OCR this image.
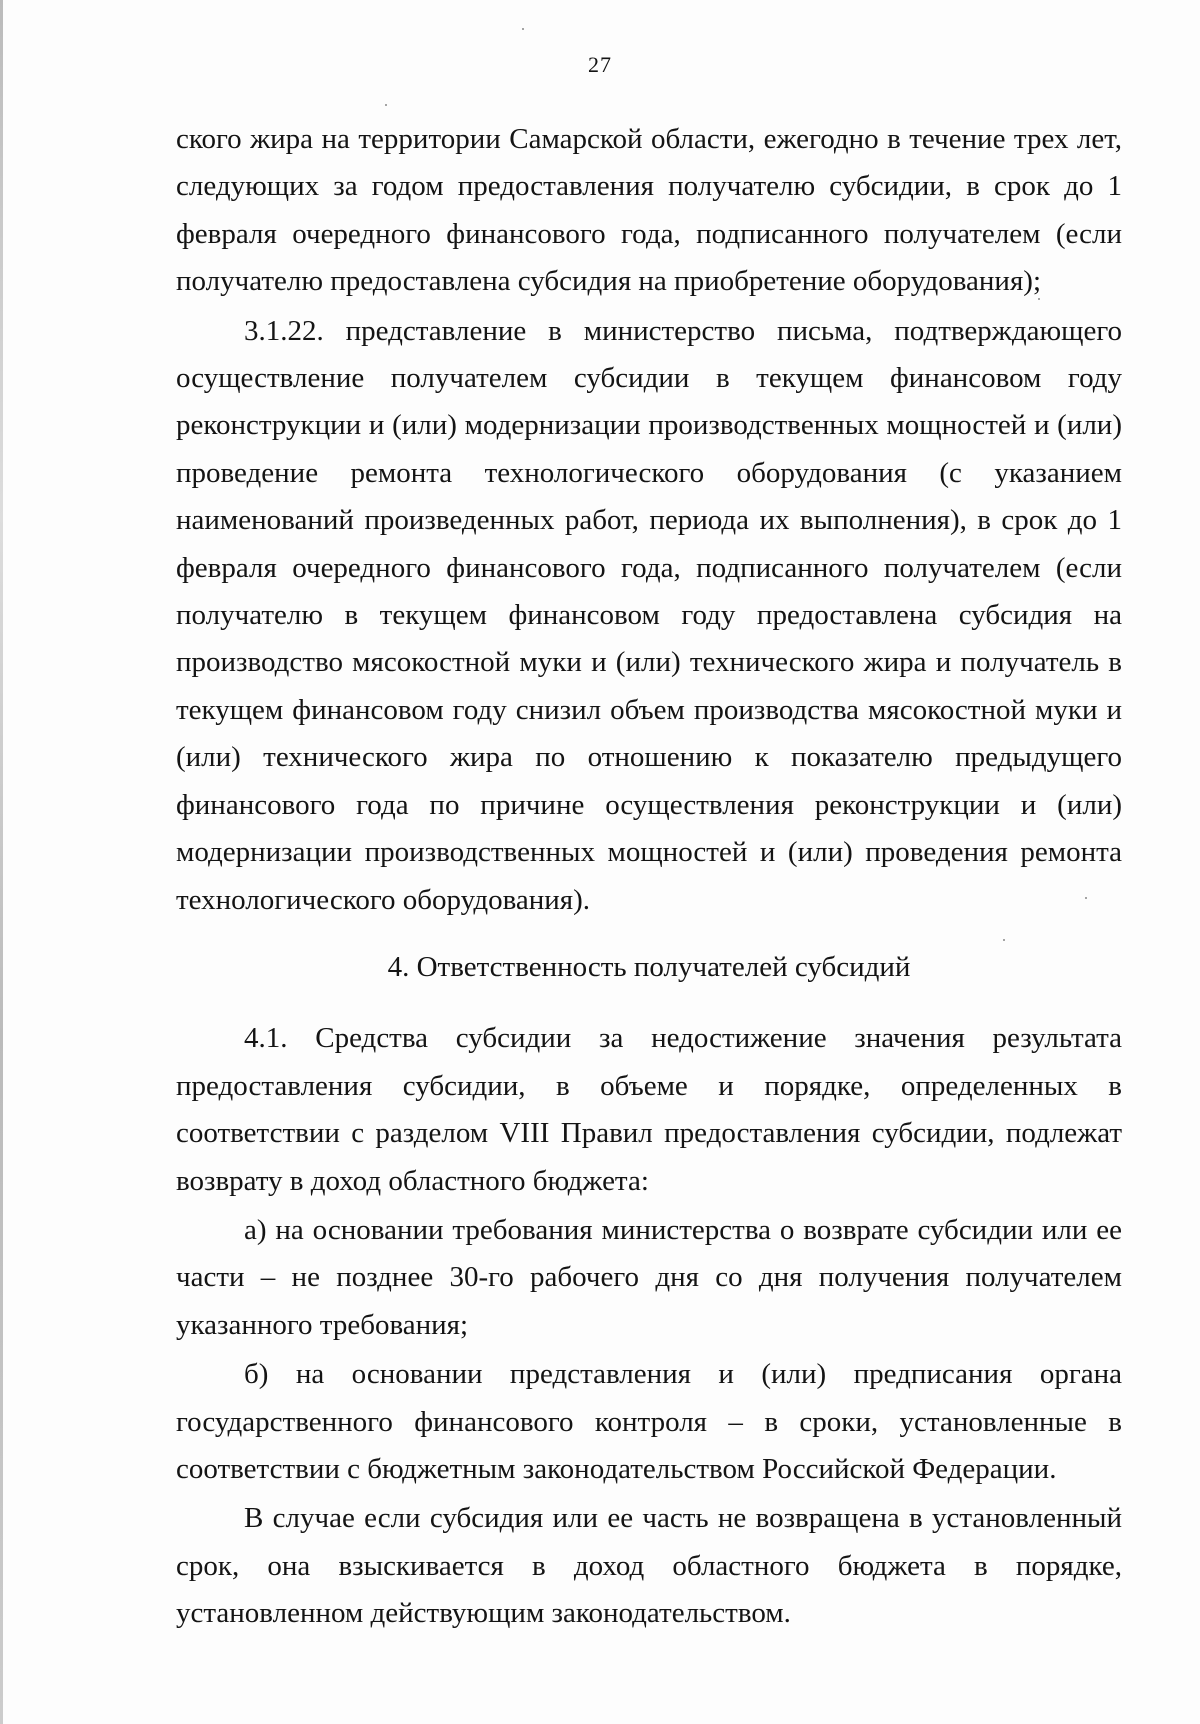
27

ского жира на территории Самарской области, ежегодно в течение трех лет, следующих за годом предоставления получателю субсидии, в срок до 1 февраля очередного финансового года, подписанного получателем (если получателю предоставлена субсидия на приобретение оборудования);

3.1.22. представление в министерство письма, подтверждающего осуществление получателем субсидии в текущем финансовом году реконструкции и (или) модернизации производственных мощностей и (или) проведение ремонта технологического оборудования (с указанием наименований произведенных работ, периода их выполнения), в срок до 1 февраля очередного финансового года, подписанного получателем (если получателю в текущем финансовом году предоставлена субсидия на производство мясокостной муки и (или) технического жира и получатель в текущем финансовом году снизил объем производства мясокостной муки и (или) технического жира по отношению к показателю предыдущего финансового года по причине осуществления реконструкции и (или) модернизации производственных мощностей и (или) проведения ремонта технологического оборудования).

4. Ответственность получателей субсидий

4.1. Средства субсидии за недостижение значения результата предоставления субсидии, в объеме и порядке, определенных в соответствии с разделом VIII Правил предоставления субсидии, подлежат возврату в доход областного бюджета:

а) на основании требования министерства о возврате субсидии или ее части – не позднее 30-го рабочего дня со дня получения получателем указанного требования;

б) на основании представления и (или) предписания органа государственного финансового контроля – в сроки, установленные в соответствии с бюджетным законодательством Российской Федерации.

В случае если субсидия или ее часть не возвращена в установленный срок, она взыскивается в доход областного бюджета в порядке, установленном действующим законодательством.
